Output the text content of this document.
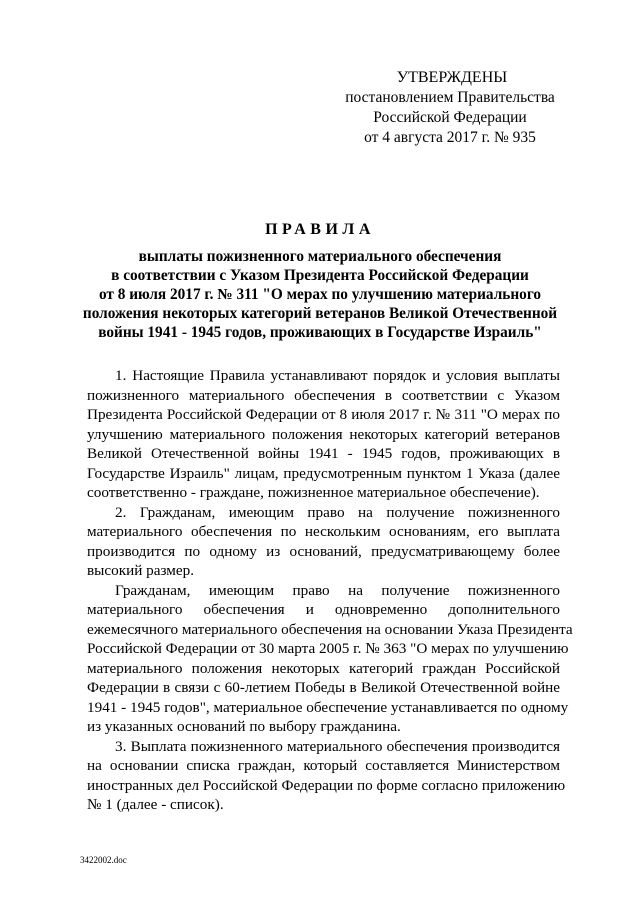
УТВЕРЖДЕНЫ
постановлением Правительства
Российской Федерации
от 4 августа 2017 г. № 935
ПРАВИЛА
выплаты пожизненного материального обеспечения
в соответствии с Указом Президента Российской Федерации
от 8 июля 2017 г. № 311 "О мерах по улучшению материального
положения некоторых категорий ветеранов Великой Отечественной
войны 1941 - 1945 годов, проживающих в Государстве Израиль"
1. Настоящие Правила устанавливают порядок и условия выплаты
пожизненного материального обеспечения в соответствии с Указом
Президента Российской Федерации от 8 июля 2017 г. № 311 "О мерах по
улучшению материального положения некоторых категорий ветеранов
Великой Отечественной войны 1941 - 1945 годов, проживающих в
Государстве Израиль" лицам, предусмотренным пунктом 1 Указа (далее
соответственно - граждане, пожизненное материальное обеспечение).
2. Гражданам, имеющим право на получение пожизненного
материального обеспечения по нескольким основаниям, его выплата
производится по одному из оснований, предусматривающему более
высокий размер.
Гражданам, имеющим право на получение пожизненного
материального обеспечения и одновременно дополнительного
ежемесячного материального обеспечения на основании Указа Президента
Российской Федерации от 30 марта 2005 г. № 363 "О мерах по улучшению
материального положения некоторых категорий граждан Российской
Федерации в связи с 60-летием Победы в Великой Отечественной войне
1941 - 1945 годов", материальное обеспечение устанавливается по одному
из указанных оснований по выбору гражданина.
3. Выплата пожизненного материального обеспечения производится
на основании списка граждан, который составляется Министерством
иностранных дел Российской Федерации по форме согласно приложению
№ 1 (далее - список).
3422002.doc
